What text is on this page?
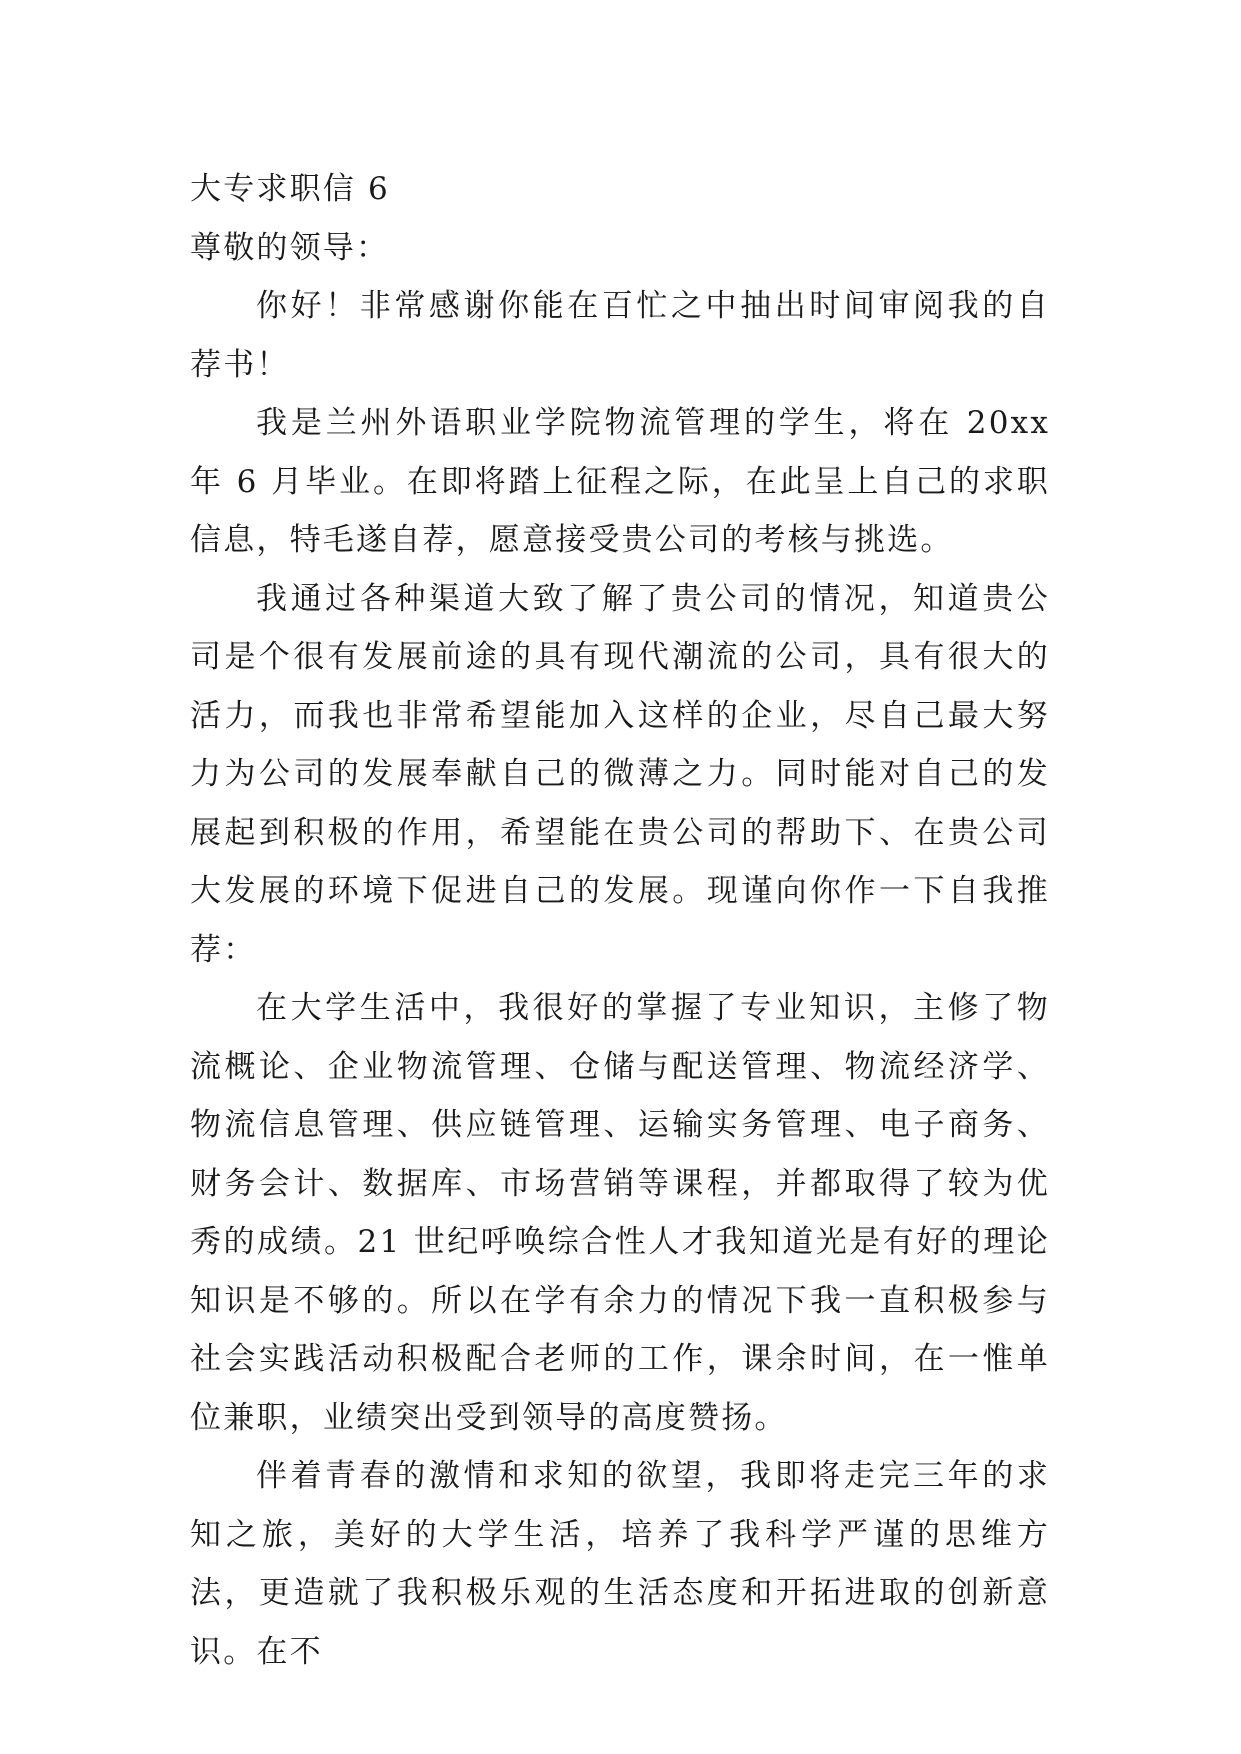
大专求职信 6

尊敬的领导：

你好！非常感谢你能在百忙之中抽出时间审阅我的自荐书！

我是兰州外语职业学院物流管理的学生，将在 20xx 年 6 月毕业。在即将踏上征程之际，在此呈上自己的求职信息，特毛遂自荐，愿意接受贵公司的考核与挑选。

我通过各种渠道大致了解了贵公司的情况，知道贵公司是个很有发展前途的具有现代潮流的公司，具有很大的活力，而我也非常希望能加入这样的企业，尽自己最大努力为公司的发展奉献自己的微薄之力。同时能对自己的发展起到积极的作用，希望能在贵公司的帮助下、在贵公司大发展的环境下促进自己的发展。现谨向你作一下自我推荐：

在大学生活中，我很好的掌握了专业知识，主修了物流概论、企业物流管理、仓储与配送管理、物流经济学、物流信息管理、供应链管理、运输实务管理、电子商务、财务会计、数据库、市场营销等课程，并都取得了较为优秀的成绩。21 世纪呼唤综合性人才我知道光是有好的理论知识是不够的。所以在学有余力的情况下我一直积极参与社会实践活动积极配合老师的工作，课余时间，在一惟单位兼职，业绩突出受到领导的高度赞扬。

伴着青春的激情和求知的欲望，我即将走完三年的求知之旅，美好的大学生活，培养了我科学严谨的思维方法，更造就了我积极乐观的生活态度和开拓进取的创新意识。在不
